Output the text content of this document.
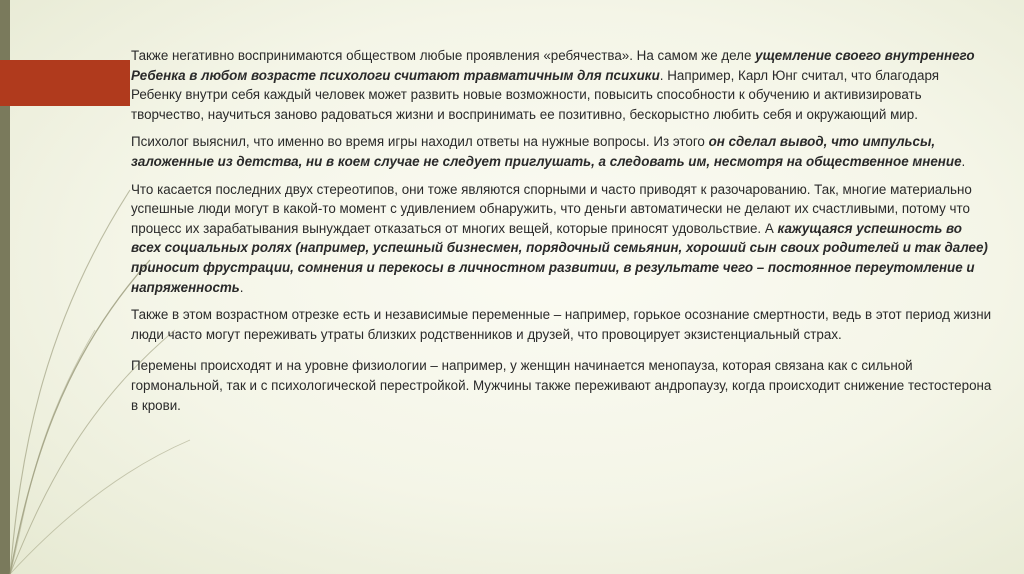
Также негативно воспринимаются обществом любые проявления «ребячества». На самом же деле ущемление своего внутреннего Ребенка в любом возрасте психологи считают травматичным для психики. Например, Карл Юнг считал, что благодаря Ребенку внутри себя каждый человек может развить новые возможности, повысить способности к обучению и активизировать творчество, научиться заново радоваться жизни и воспринимать ее позитивно, бескорыстно любить себя и окружающий мир.

Психолог выяснил, что именно во время игры находил ответы на нужные вопросы. Из этого он сделал вывод, что импульсы, заложенные из детства, ни в коем случае не следует приглушать, а следовать им, несмотря на общественное мнение.

Что касается последних двух стереотипов, они тоже являются спорными и часто приводят к разочарованию. Так, многие материально успешные люди могут в какой-то момент с удивлением обнаружить, что деньги автоматически не делают их счастливыми, потому что процесс их зарабатывания вынуждает отказаться от многих вещей, которые приносят удовольствие. А кажущаяся успешность во всех социальных ролях (например, успешный бизнесмен, порядочный семьянин, хороший сын своих родителей и так далее) приносит фрустрации, сомнения и перекосы в личностном развитии, в результате чего – постоянное переутомление и напряженность.

Также в этом возрастном отрезке есть и независимые переменные – например, горькое осознание смертности, ведь в этот период жизни люди часто могут переживать утраты близких родственников и друзей, что провоцирует экзистенциальный страх.

Перемены происходят и на уровне физиологии – например, у женщин начинается менопауза, которая связана как с сильной гормональной, так и с психологической перестройкой. Мужчины также переживают андропаузу, когда происходит снижение тестостерона в крови.
